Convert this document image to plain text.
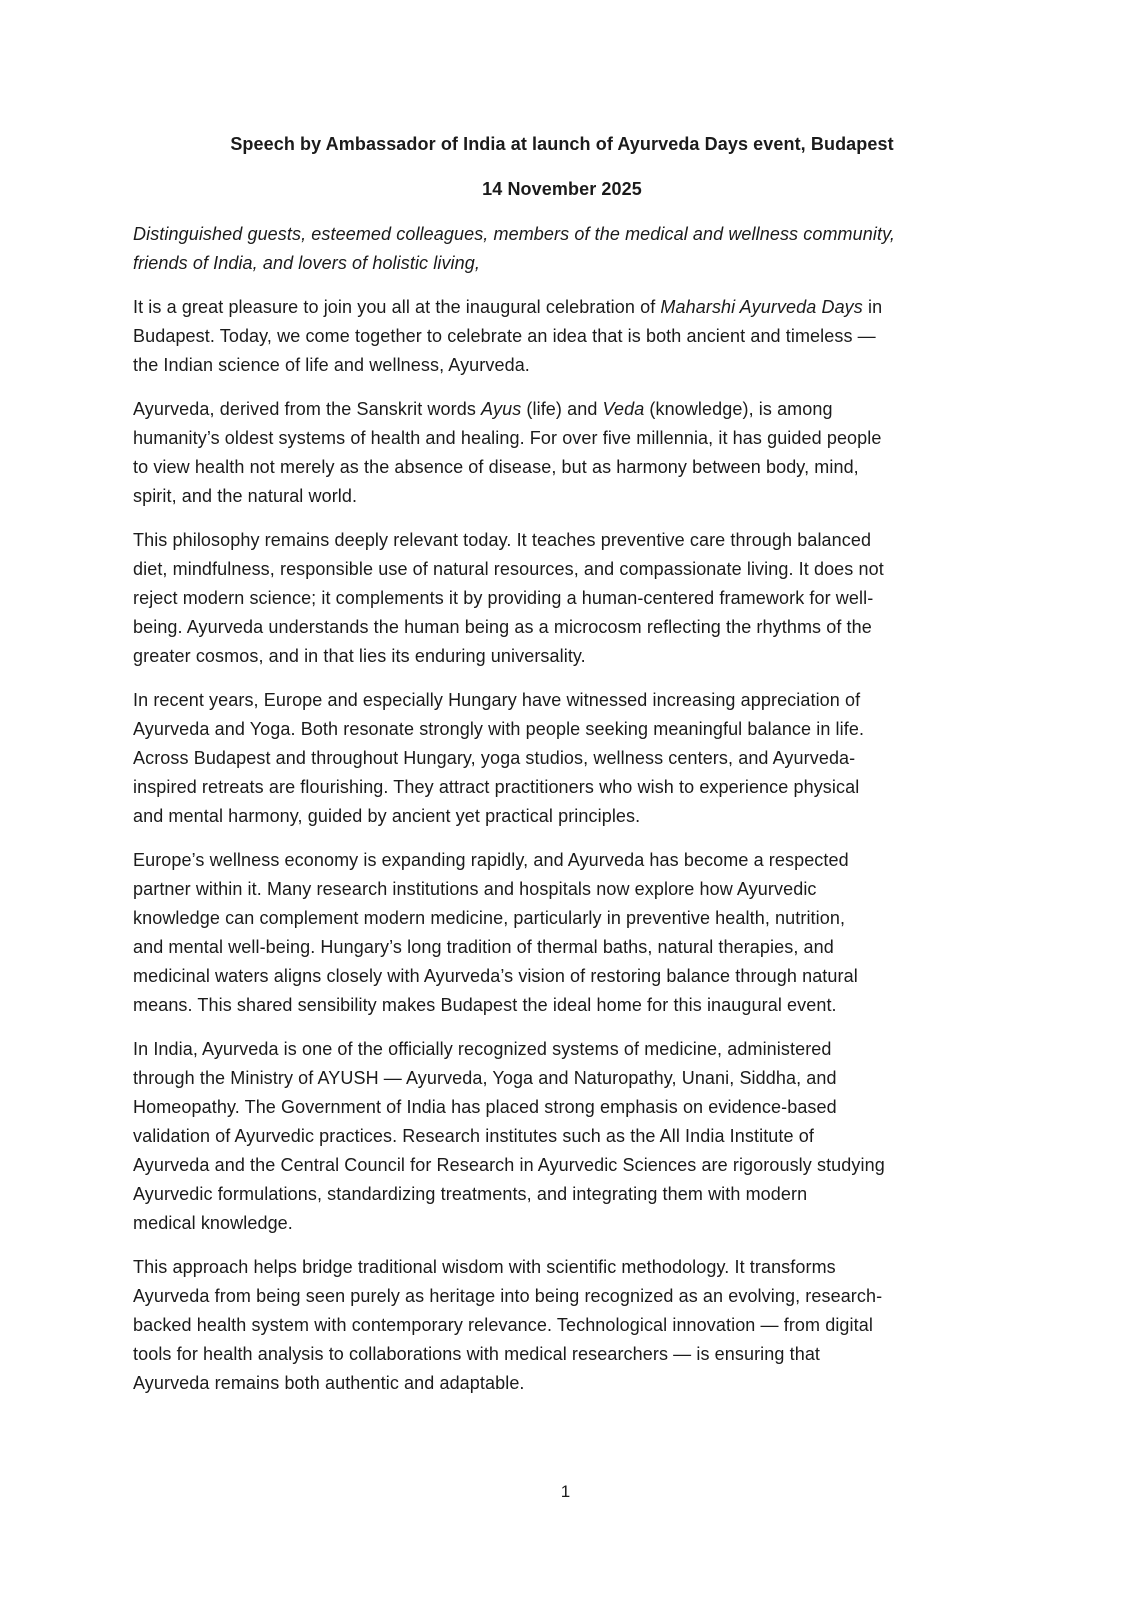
Speech by Ambassador of India at launch of Ayurveda Days event, Budapest
14 November 2025

Distinguished guests, esteemed colleagues, members of the medical and wellness community,
friends of India, and lovers of holistic living,

It is a great pleasure to join you all at the inaugural celebration of Maharshi Ayurveda Days in
Budapest. Today, we come together to celebrate an idea that is both ancient and timeless —
the Indian science of life and wellness, Ayurveda.

Ayurveda, derived from the Sanskrit words Ayus (life) and Veda (knowledge), is among
humanity’s oldest systems of health and healing. For over five millennia, it has guided people
to view health not merely as the absence of disease, but as harmony between body, mind,
spirit, and the natural world.

This philosophy remains deeply relevant today. It teaches preventive care through balanced
diet, mindfulness, responsible use of natural resources, and compassionate living. It does not
reject modern science; it complements it by providing a human-centered framework for well-
being. Ayurveda understands the human being as a microcosm reflecting the rhythms of the
greater cosmos, and in that lies its enduring universality.

In recent years, Europe and especially Hungary have witnessed increasing appreciation of
Ayurveda and Yoga. Both resonate strongly with people seeking meaningful balance in life.
Across Budapest and throughout Hungary, yoga studios, wellness centers, and Ayurveda-
inspired retreats are flourishing. They attract practitioners who wish to experience physical
and mental harmony, guided by ancient yet practical principles.

Europe’s wellness economy is expanding rapidly, and Ayurveda has become a respected
partner within it. Many research institutions and hospitals now explore how Ayurvedic
knowledge can complement modern medicine, particularly in preventive health, nutrition,
and mental well-being. Hungary’s long tradition of thermal baths, natural therapies, and
medicinal waters aligns closely with Ayurveda’s vision of restoring balance through natural
means. This shared sensibility makes Budapest the ideal home for this inaugural event.

In India, Ayurveda is one of the officially recognized systems of medicine, administered
through the Ministry of AYUSH — Ayurveda, Yoga and Naturopathy, Unani, Siddha, and
Homeopathy. The Government of India has placed strong emphasis on evidence-based
validation of Ayurvedic practices. Research institutes such as the All India Institute of
Ayurveda and the Central Council for Research in Ayurvedic Sciences are rigorously studying
Ayurvedic formulations, standardizing treatments, and integrating them with modern
medical knowledge.

This approach helps bridge traditional wisdom with scientific methodology. It transforms
Ayurveda from being seen purely as heritage into being recognized as an evolving, research-
backed health system with contemporary relevance. Technological innovation — from digital
tools for health analysis to collaborations with medical researchers — is ensuring that
Ayurveda remains both authentic and adaptable.

1
